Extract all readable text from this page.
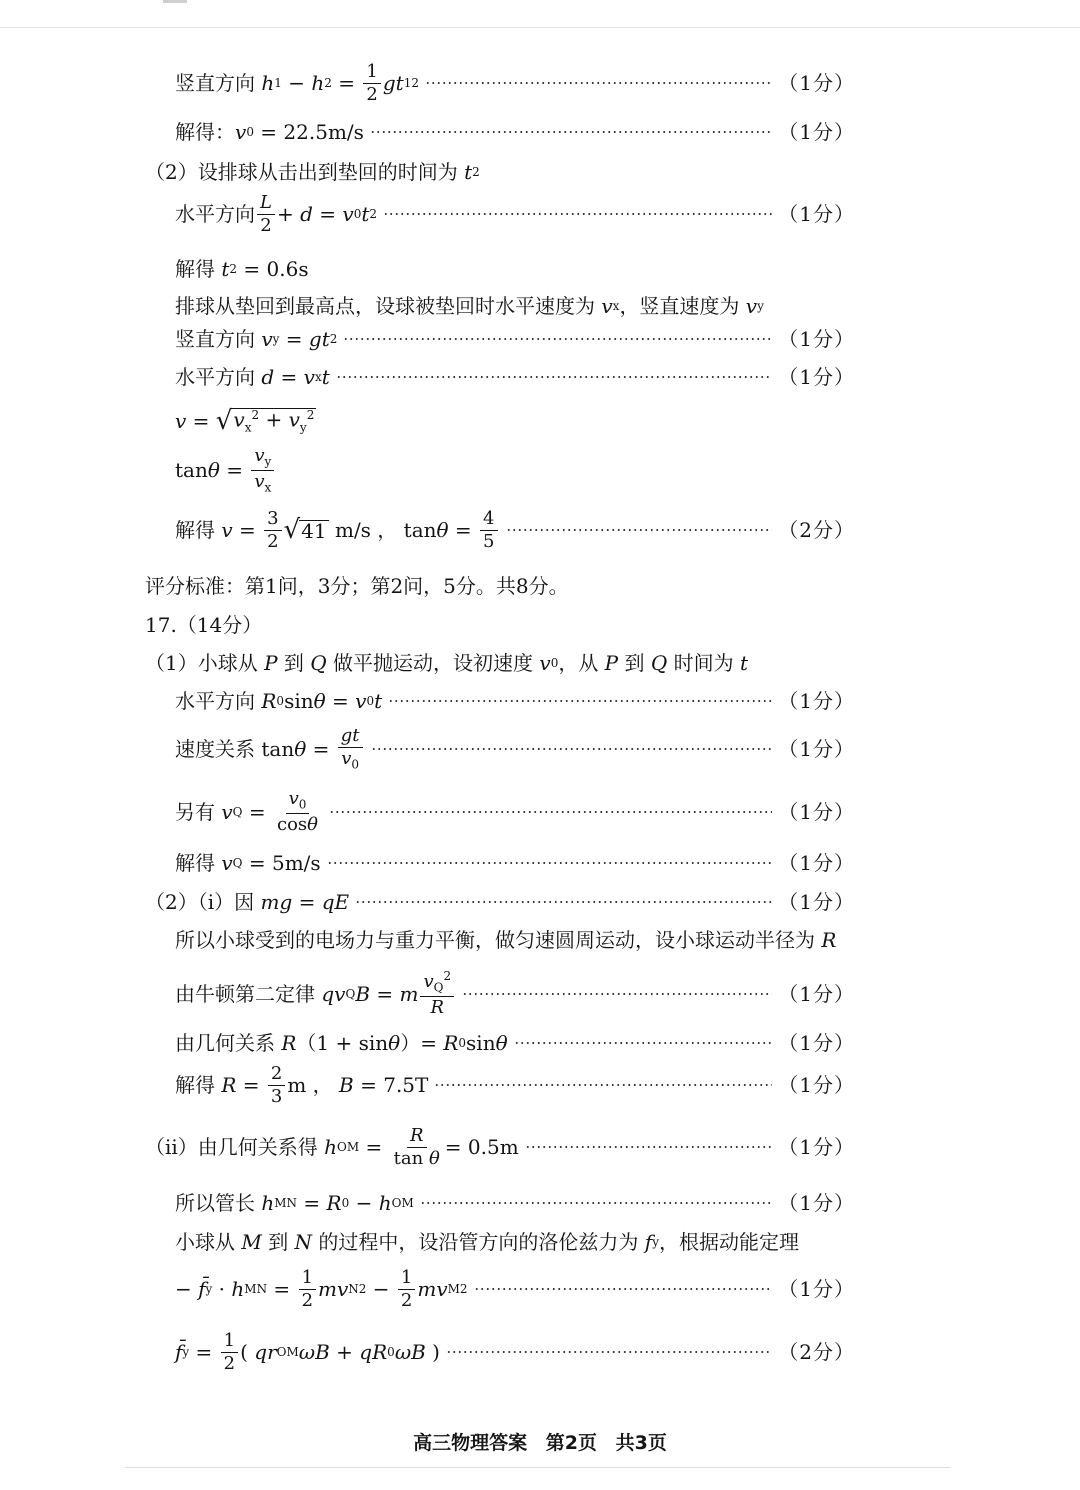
竖直方向 h 1 − h $2 = \frac{1}{2}$ gt 1 2	（1分）
解得： v 0 = 22.5m/s	（1分）
（2）设排球从击出到垫回的时间为 t 2
水平方向 $\frac{L}{2} + d = v$ 0 t 2	（1分）
解得 t 2 = 0.6s
排球从垫回到最高点，设球被垫回时水平速度为 v x ，竖直速度为 v y
竖直方向 v y = gt 2	（1分）
水平方向 d = v x t	（1分）
v = √ $v_x^2 + v_y^2$
$\tan \theta = \frac{v_y}{v_x}$
解得 $v = \frac{3}{2}$ √ 41 m/s ， $\tan \theta = \frac{4}{5}$	（2分）
评分标准：第1问，3分；第2问，5分。共8分。
17.（14分）
（1）小球从 P 到 Q 做平抛运动，设初速度 v 0 ，从 P 到 Q 时间为 t
水平方向 R 0 sin θ = v 0 t	（1分）
速度关系 $\tan \theta = \frac{gt}{v_0}$	（1分）
另有 v $Q = \frac{v_0}{\cos\theta}$	（1分）
解得 v Q = 5m/s	（1分）
（2）（i）因 mg = qE	（1分）
所以小球受到的电场力与重力平衡，做匀速圆周运动，设小球运动半径为 R
由牛顿第二定律 qv Q B = m $\frac{v_Q^2}{R}$	（1分）
由几何关系 R （1 + sin θ ）= R 0 sin θ	（1分）
解得 $R = \frac{2}{3}$ m ， B = 7.5T	（1分）
（ii）由几何关系得 h OM = $\frac{R}{\text{tan θ}} = 0.5m$	（1分）
所以管长 h MN = R 0 − h OM	（1分）
小球从 M 到 N 的过程中，设沿管方向的洛伦兹力为 f y ，根据动能定理
− f̄ y · h MN = $\frac{1}{2}$ mv N $2 - \frac{1}{2}$ mv M 2	（1分）
f̄ $y = \frac{1}{2}$ ( qr OM ωB + qR 0 ωB )	（2分）
高三物理答案 第2页 共3页
